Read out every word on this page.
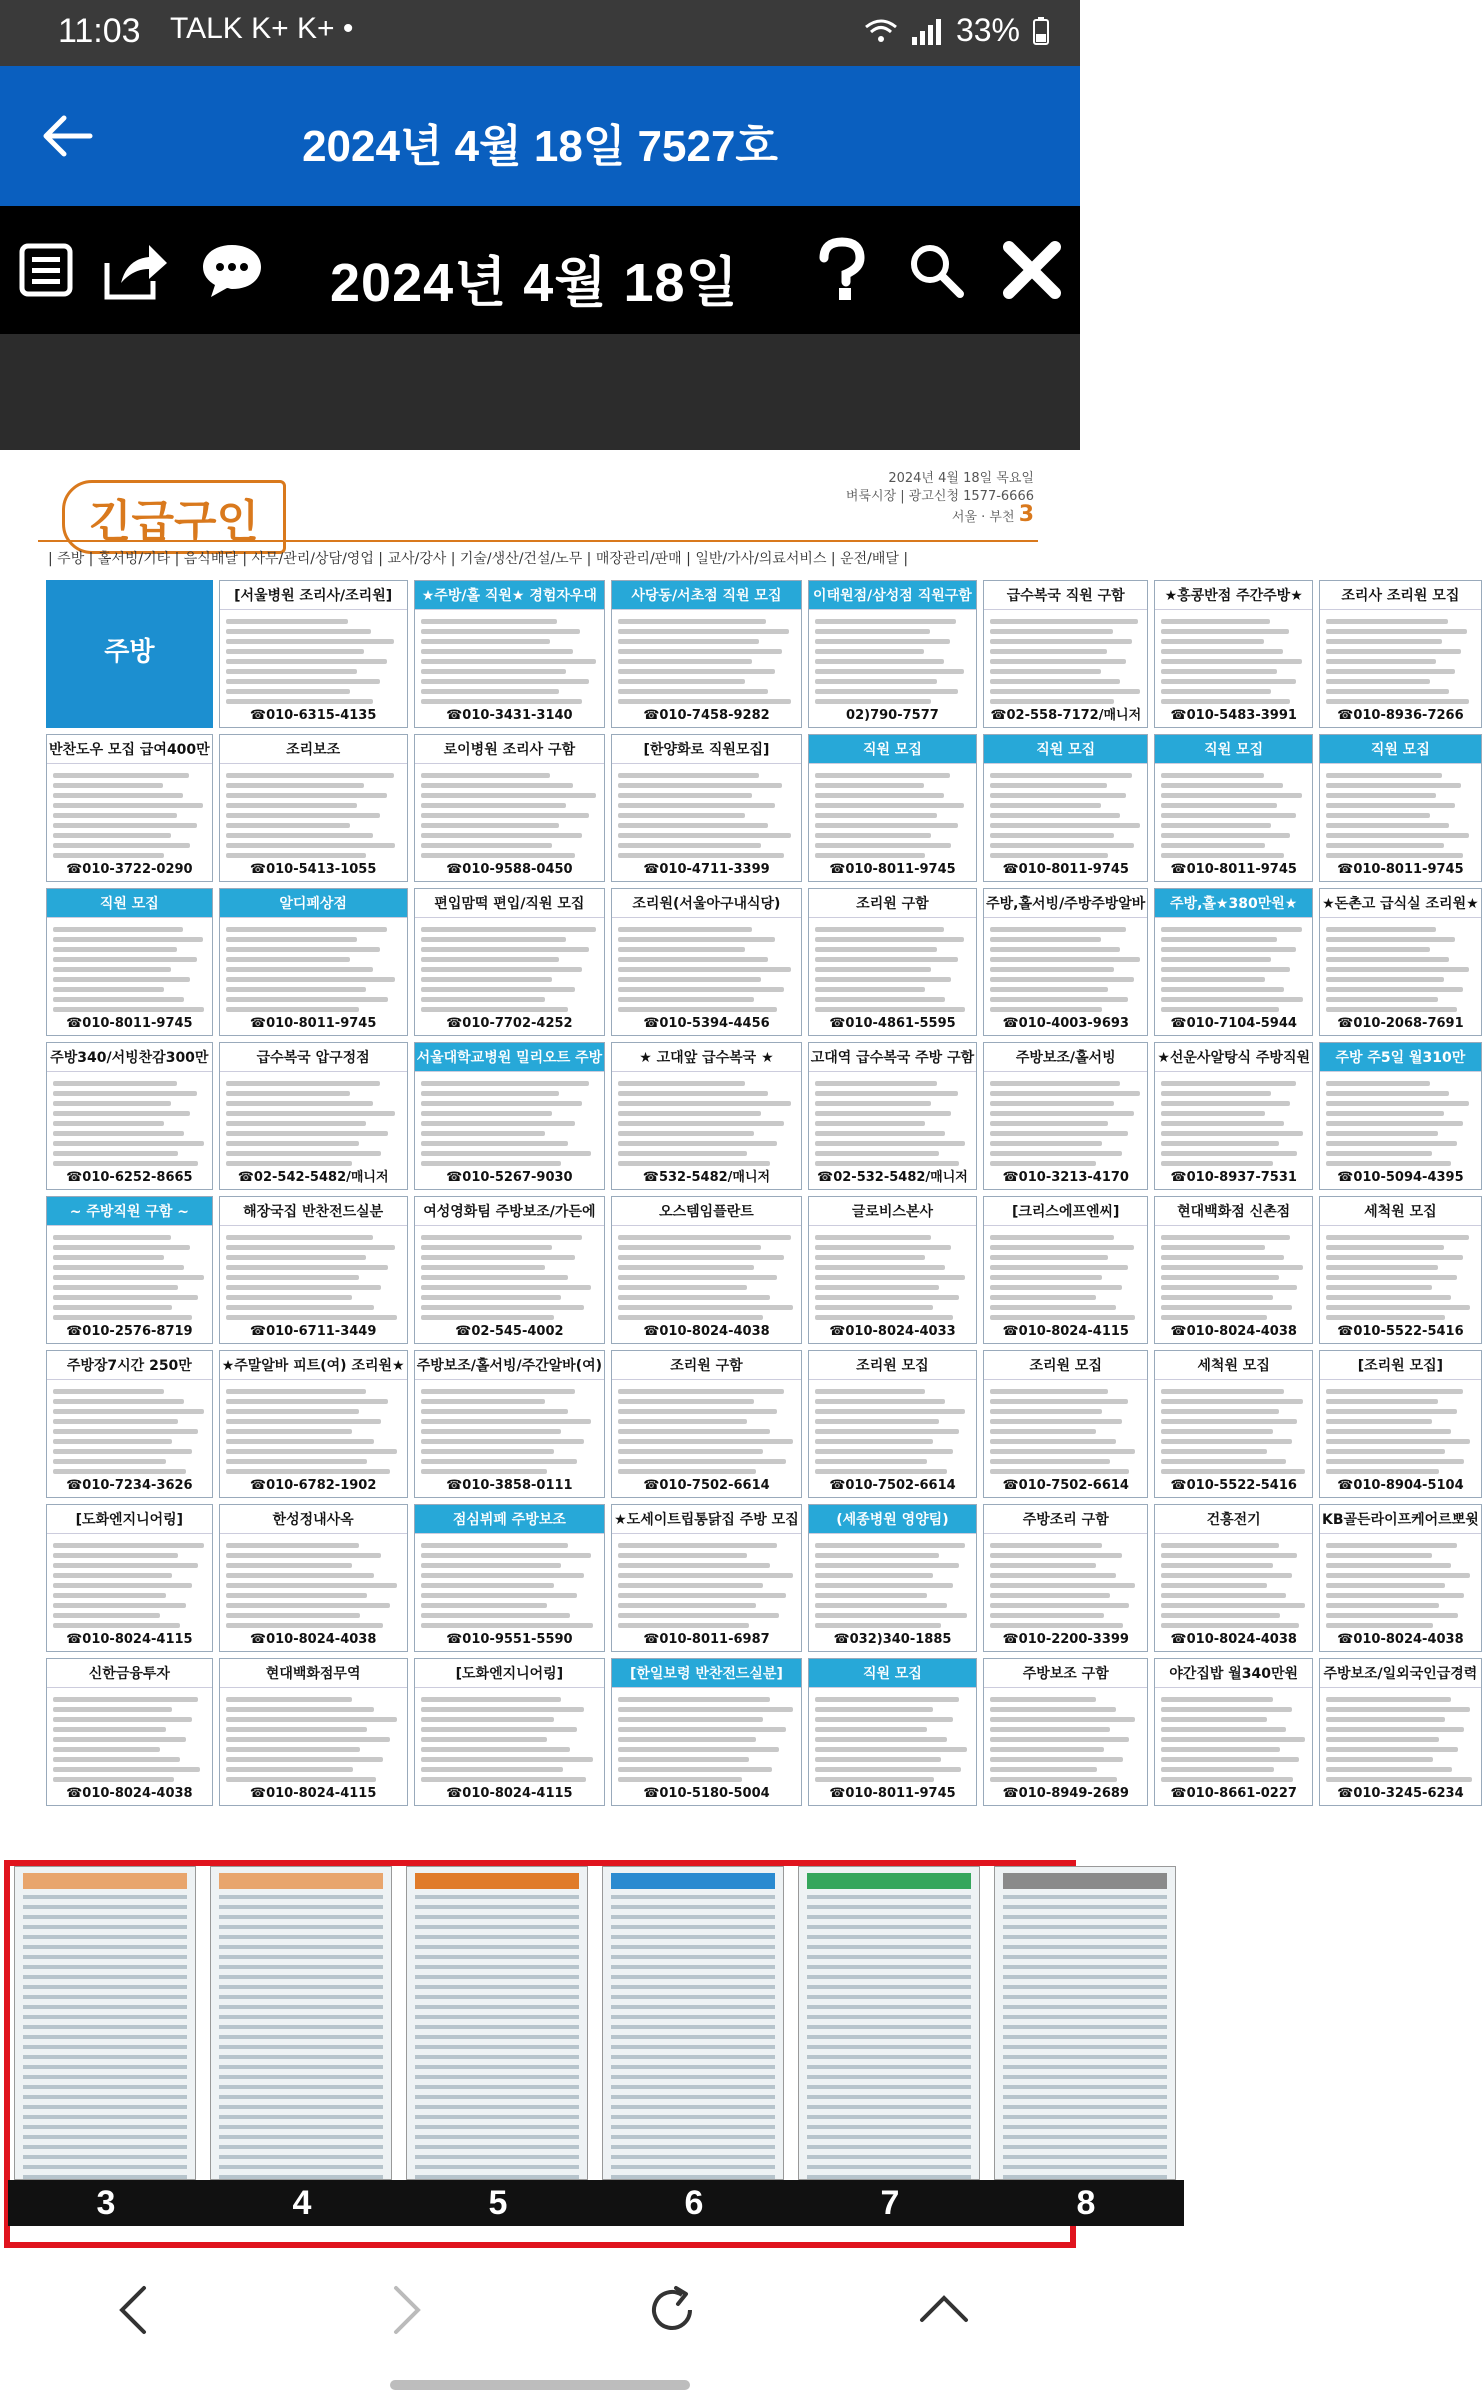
11:03 TALK K+ K+ •	33%
2024년 4월 18일 7527호
2024년 4월 18일
긴급구인
2024년 4월 18일 목요일
벼룩시장 | 광고신청 1577-6666
서울 · 부천 3
| 주방 | 홀서빙/기타 | 음식배달 | 사무/관리/상담/영업 | 교사/강사 | 기술/생산/건설/노무 | 매장관리/판매 | 일반/가사/의료서비스 | 운전/배달 |
주방
[서울병원 조리사/조리원]
☎010-6315-4135
★주방/홀 직원★ 경험자우대
☎010-3431-3140
사당동/서초점 직원 모집
☎010-7458-9282
이태원점/삼성점 직원구함
02)790-7577
급수복국 직원 구함
☎02-558-7172/매니저
★홍콩반점 주간주방★
☎010-5483-3991
조리사 조리원 모집
☎010-8936-7266
반찬도우 모집 급여400만
☎010-3722-0290
조리보조
☎010-5413-1055
로이병원 조리사 구함
☎010-9588-0450
[한양화로 직원모집]
☎010-4711-3399
직원 모집
☎010-8011-9745
직원 모집
☎010-8011-9745
직원 모집
☎010-8011-9745
직원 모집
☎010-8011-9745
직원 모집
☎010-8011-9745
알디페상점
☎010-8011-9745
편입맘떡 편입/직원 모집
☎010-7702-4252
조리원(서울아구내식당)
☎010-5394-4456
조리원 구함
☎010-4861-5595
주방,홀서빙/주방주방알바
☎010-4003-9693
주방,홀★380만원★
☎010-7104-5944
★돈촌고 급식실 조리원★
☎010-2068-7691
주방340/서빙찬감300만
☎010-6252-8665
급수복국 압구정점
☎02-542-5482/매니저
서울대학교병원 밀리오트 주방
☎010-5267-9030
★ 고대앞 급수복국 ★
☎532-5482/매니저
고대역 급수복국 주방 구함
☎02-532-5482/매니저
주방보조/홀서빙
☎010-3213-4170
★선운사알탕식 주방직원
☎010-8937-7531
주방 주5일 월310만
☎010-5094-4395
~ 주방직원 구함 ~
☎010-2576-8719
해장국집 반찬전드실분
☎010-6711-3449
여성영화팀 주방보조/가든에
☎02-545-4002
오스템임플란트
☎010-8024-4038
글로비스본사
☎010-8024-4033
[크리스에프엔씨]
☎010-8024-4115
현대백화점 신촌점
☎010-8024-4038
세척원 모집
☎010-5522-5416
주방장7시간 250만
☎010-7234-3626
★주말알바 피트(여) 조리원★
☎010-6782-1902
주방보조/홀서빙/주간알바(여)
☎010-3858-0111
조리원 구함
☎010-7502-6614
조리원 모집
☎010-7502-6614
조리원 모집
☎010-7502-6614
세척원 모집
☎010-5522-5416
[조리원 모집]
☎010-8904-5104
[도화엔지니어링]
☎010-8024-4115
한성정내사옥
☎010-8024-4038
점심뷔페 주방보조
☎010-9551-5590
★도세이트립통닭집 주방 모집
☎010-8011-6987
(세종병원 영양팀)
☎032)340-1885
주방조리 구함
☎010-2200-3399
건흥전기
☎010-8024-4038
KB골든라이프케어르뽀윗
☎010-8024-4038
신한금융투자
☎010-8024-4038
현대백화점무역
☎010-8024-4115
[도화엔지니어링]
☎010-8024-4115
[한일보령 반찬전드실분]
☎010-5180-5004
직원 모집
☎010-8011-9745
주방보조 구함
☎010-8949-2689
야간집밥 월340만원
☎010-8661-0227
주방보조/일외국인급경력
☎010-3245-6234
3	4	5	6	7	8
